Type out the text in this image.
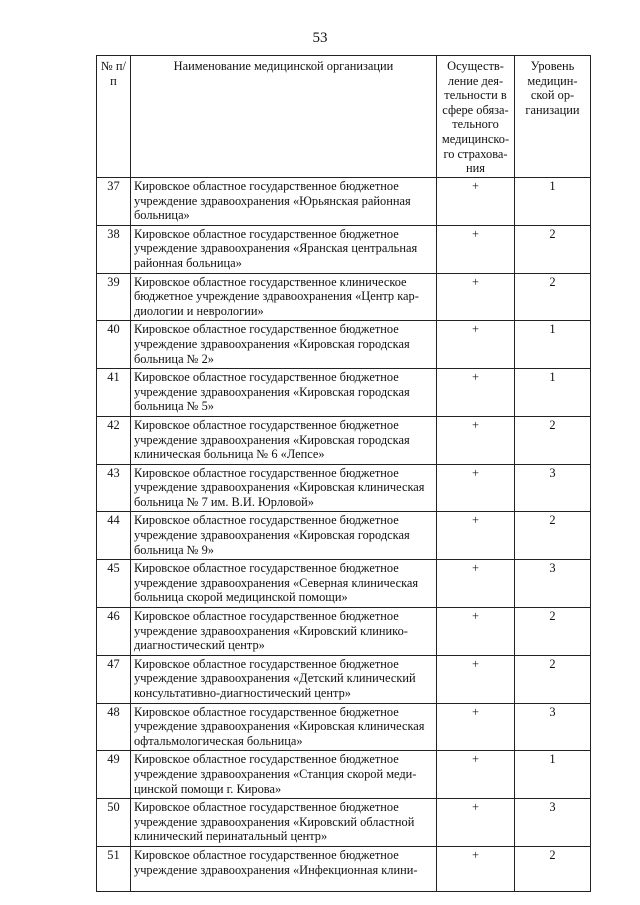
53
№ п/п	Наименование медицинской организации	Осуществ-ление дея-тельности в сфере обяза-тельного медицинско-го страхова-ния	Уровень медицин-ской ор-ганизации
37	Кировское областное государственное бюджетное учреждение здравоохранения «Юрьянская районная больница»	+	1
38	Кировское областное государственное бюджетное учреждение здравоохранения «Яранская центральная районная больница»	+	2
39	Кировское областное государственное клиническое бюджетное учреждение здравоохранения «Центр кар-диологии и неврологии»	+	2
40	Кировское областное государственное бюджетное учреждение здравоохранения «Кировская городская больница № 2»	+	1
41	Кировское областное государственное бюджетное учреждение здравоохранения «Кировская городская больница № 5»	+	1
42	Кировское областное государственное бюджетное учреждение здравоохранения «Кировская городская клиническая больница № 6 «Лепсе»	+	2
43	Кировское областное государственное бюджетное учреждение здравоохранения «Кировская клиническая больница № 7 им. В.И. Юрловой»	+	3
44	Кировское областное государственное бюджетное учреждение здравоохранения «Кировская городская больница № 9»	+	2
45	Кировское областное государственное бюджетное учреждение здравоохранения «Северная клиническая больница скорой медицинской помощи»	+	3
46	Кировское областное государственное бюджетное учреждение здравоохранения «Кировский клинико-диагностический центр»	+	2
47	Кировское областное государственное бюджетное учреждение здравоохранения «Детский клинический консультативно-диагностический центр»	+	2
48	Кировское областное государственное бюджетное учреждение здравоохранения «Кировская клиническая офтальмологическая больница»	+	3
49	Кировское областное государственное бюджетное учреждение здравоохранения «Станция скорой меди-цинской помощи г. Кирова»	+	1
50	Кировское областное государственное бюджетное учреждение здравоохранения «Кировский областной клинический перинатальный центр»	+	3
51	Кировское областное государственное бюджетное учреждение здравоохранения «Инфекционная клини-	+	2
